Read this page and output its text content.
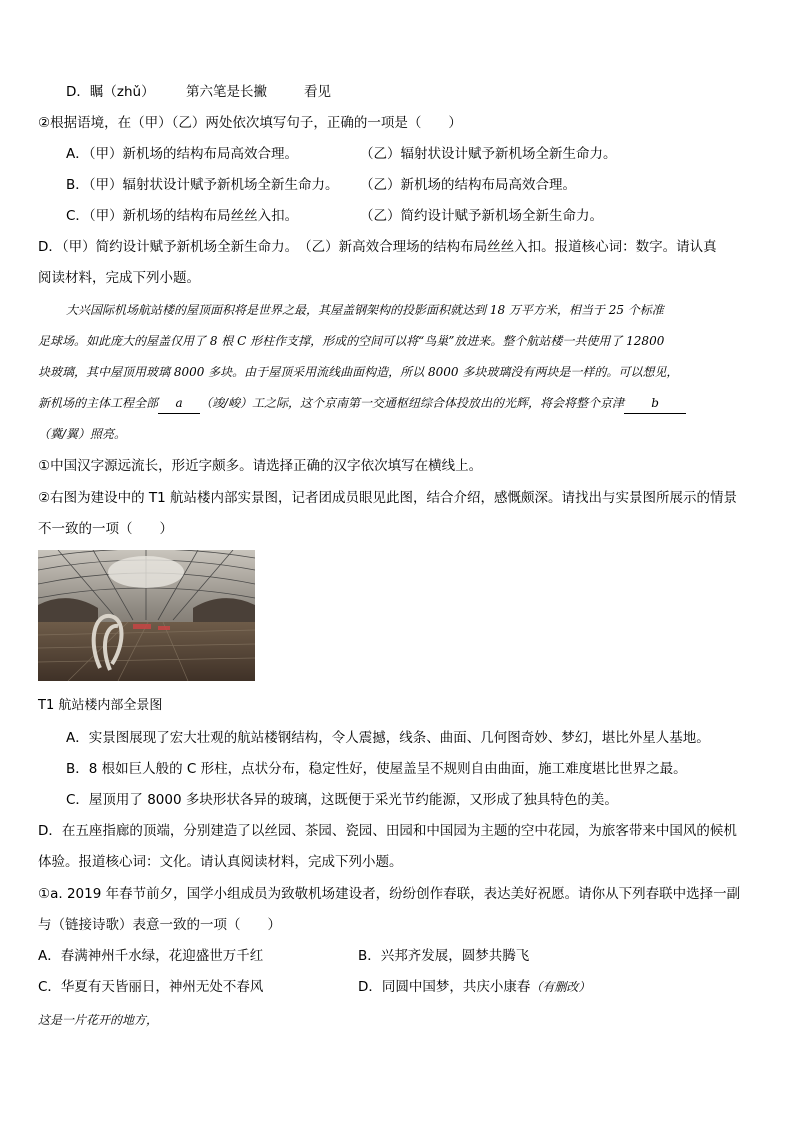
D．瞩（zhǔ） 第六笔是长撇	看见
②根据语境，在（甲）（乙）两处依次填写句子，正确的一项是（　　）
A．（甲）新机场的结构布局高效合理。	（乙）辐射状设计赋予新机场全新生命力。
B．（甲）辐射状设计赋予新机场全新生命力。 （乙）新机场的结构布局高效合理。
C．（甲）新机场的结构布局丝丝入扣。	（乙）简约设计赋予新机场全新生命力。
D．（甲）简约设计赋予新机场全新生命力。　（乙）新高效合理场的结构布局丝丝入扣。报道核心词：数字。请认真
阅读材料，完成下列小题。
大兴国际机场航站楼的屋顶面积将是世界之最，其屋盖钢架构的投影面积就达到 18 万平方米，相当于 25 个标准
足球场。如此庞大的屋盖仅用了 8 根 C 形柱作支撑，形成的空间可以将“鸟巢”放进来。整个航站楼一共使用了 12800
块玻璃，其中屋顶用玻璃 8000 多块。由于屋顶采用流线曲面构造，所以 8000 多块玻璃没有两块是一样的。可以想见，
新机场的主体工程全部 a （竣/峻）工之际，这个京南第一交通枢纽综合体投放出的光辉，将会将整个京津 b
（冀/翼）照亮。
①中国汉字源远流长，形近字颇多。请选择正确的汉字依次填写在横线上。
②右图为建设中的 T1 航站楼内部实景图，记者团成员眼见此图，结合介绍，感慨颇深。请找出与实景图所展示的情景
不一致的一项（　　）
T1 航站楼内部全景图
A．实景图展现了宏大壮观的航站楼钢结构，令人震撼，线条、曲面、几何图奇妙、梦幻，堪比外星人基地。
B．8 根如巨人般的 C 形柱，点状分布，稳定性好，使屋盖呈不规则自由曲面，施工难度堪比世界之最。
C．屋顶用了 8000 多块形状各异的玻璃，这既便于采光节约能源，又形成了独具特色的美。
D．在五座指廊的顶端，分别建造了以丝园、茶园、瓷园、田园和中国园为主题的空中花园，为旅客带来中国风的候机
体验。报道核心词：文化。请认真阅读材料，完成下列小题。
①a. 2019 年春节前夕，国学小组成员为致敬机场建设者，纷纷创作春联，表达美好祝愿。请你从下列春联中选择一副
与（链接诗歌）表意一致的一项（　　）
A．春满神州千水绿，花迎盛世万千红	B．兴邦齐发展，圆梦共腾飞
C．华夏有天皆丽日，神州无处不春风	D．同圆中国梦，共庆小康春（有删改）
这是一片花开的地方，
